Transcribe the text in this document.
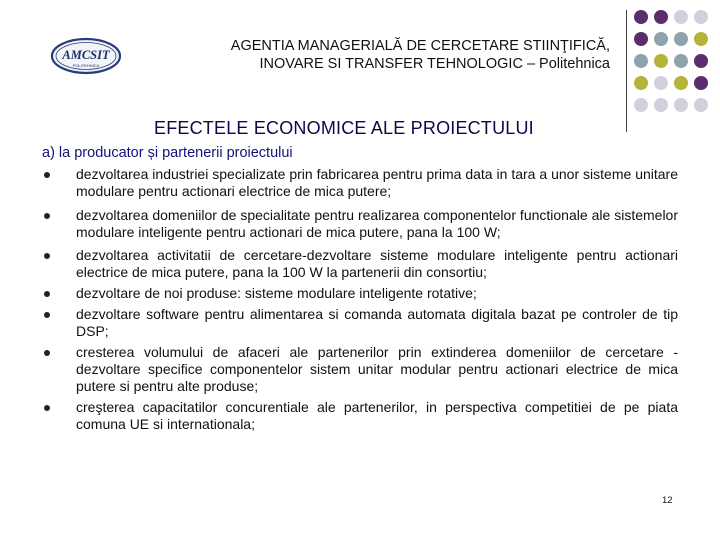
AMCSIT
POLITEHNICA
AGENTIA MANAGERIALĂ DE CERCETARE STIINŢIFICĂ,
INOVARE SI TRANSFER TEHNOLOGIC – Politehnica
EFECTELE ECONOMICE ALE PROIECTULUI
a) la producator și partenerii proiectului
dezvoltarea industriei specializate prin fabricarea pentru prima data in tara a unor sisteme unitare modulare pentru actionari electrice de mica putere;
dezvoltarea domeniilor de specialitate pentru realizarea componentelor functionale ale sistemelor modulare inteligente pentru actionari de mica putere, pana la 100 W;
dezvoltarea activitatii de cercetare-dezvoltare sisteme modulare inteligente pentru actionari electrice de mica putere, pana la 100 W la partenerii din consortiu;
dezvoltare de noi produse: sisteme modulare inteligente rotative;
dezvoltare software pentru alimentarea si comanda automata digitala bazat pe controler de tip DSP;
cresterea volumului de afaceri ale partenerilor prin extinderea domeniilor de cercetare - dezvoltare specifice componentelor sistem unitar modular pentru actionari electrice de mica putere si pentru alte produse;
creşterea capacitatilor concurentiale ale partenerilor, in perspectiva competitiei de pe piata comuna UE si internationala;
12
